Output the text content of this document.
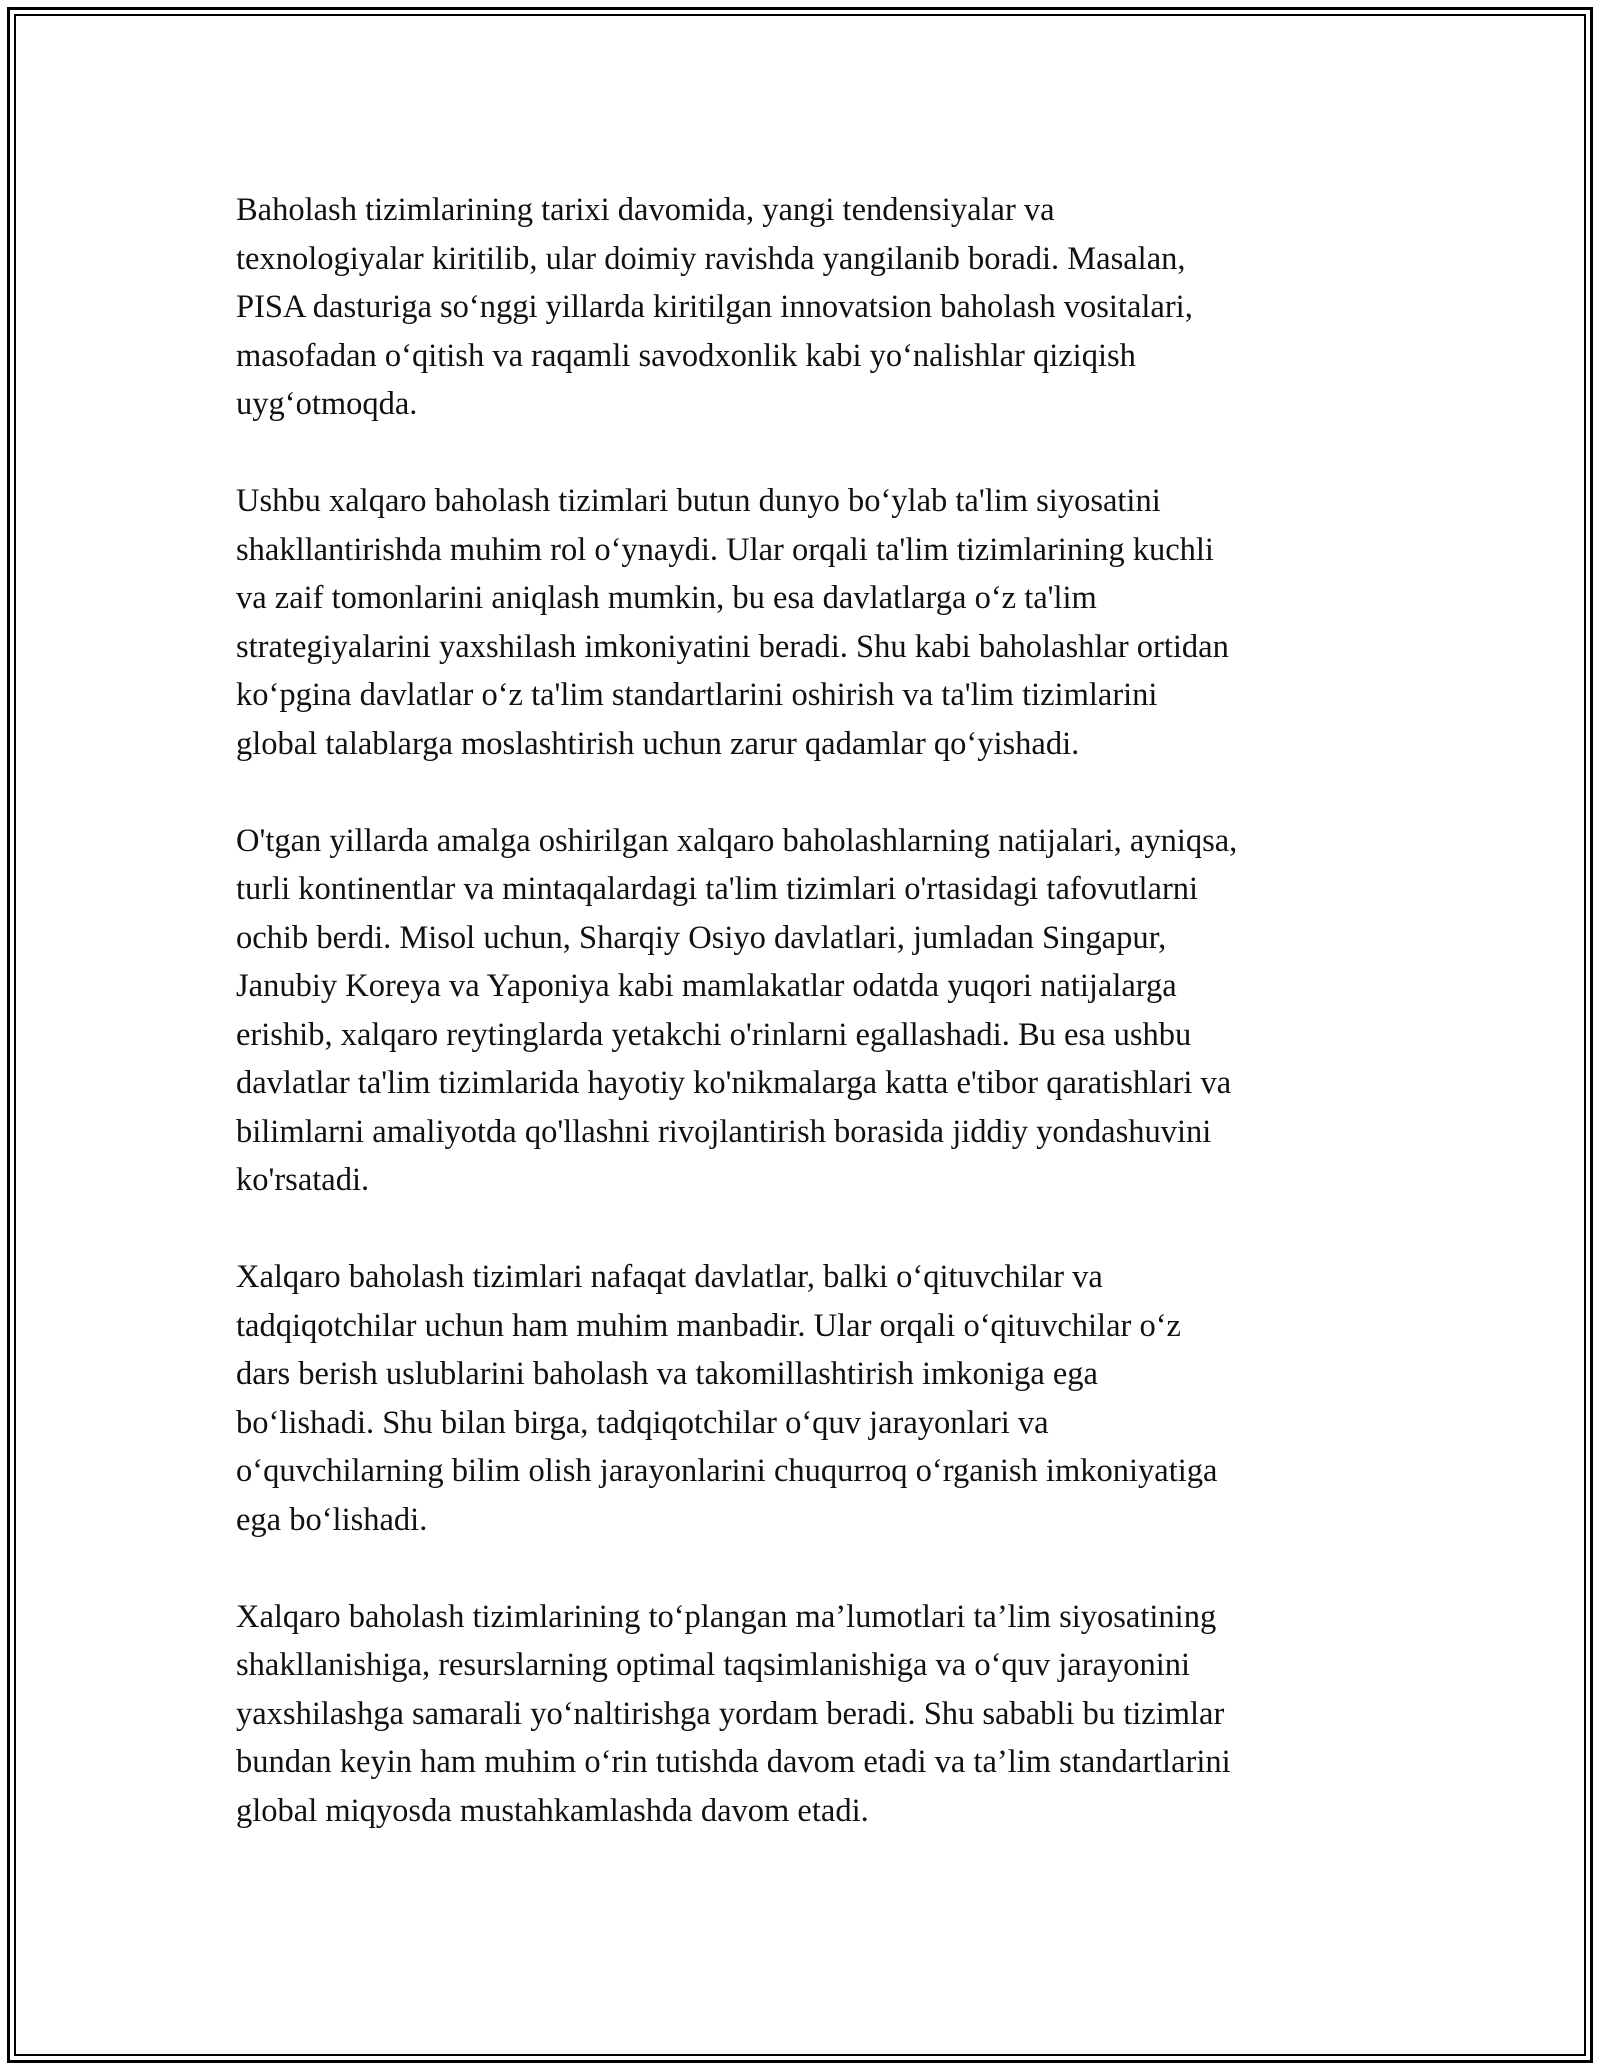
Baholash tizimlarining tarixi davomida, yangi tendensiyalar va
texnologiyalar kiritilib, ular doimiy ravishda yangilanib boradi. Masalan,
PISA dasturiga so‘nggi yillarda kiritilgan innovatsion baholash vositalari,
masofadan o‘qitish va raqamli savodxonlik kabi yo‘nalishlar qiziqish
uyg‘otmoqda.

Ushbu xalqaro baholash tizimlari butun dunyo bo‘ylab ta'lim siyosatini
shakllantirishda muhim rol o‘ynaydi. Ular orqali ta'lim tizimlarining kuchli
va zaif tomonlarini aniqlash mumkin, bu esa davlatlarga o‘z ta'lim
strategiyalarini yaxshilash imkoniyatini beradi. Shu kabi baholashlar ortidan
ko‘pgina davlatlar o‘z ta'lim standartlarini oshirish va ta'lim tizimlarini
global talablarga moslashtirish uchun zarur qadamlar qo‘yishadi.

O'tgan yillarda amalga oshirilgan xalqaro baholashlarning natijalari, ayniqsa,
turli kontinentlar va mintaqalardagi ta'lim tizimlari o'rtasidagi tafovutlarni
ochib berdi. Misol uchun, Sharqiy Osiyo davlatlari, jumladan Singapur,
Janubiy Koreya va Yaponiya kabi mamlakatlar odatda yuqori natijalarga
erishib, xalqaro reytinglarda yetakchi o'rinlarni egallashadi. Bu esa ushbu
davlatlar ta'lim tizimlarida hayotiy ko'nikmalarga katta e'tibor qaratishlari va
bilimlarni amaliyotda qo'llashni rivojlantirish borasida jiddiy yondashuvini
ko'rsatadi.

Xalqaro baholash tizimlari nafaqat davlatlar, balki o‘qituvchilar va
tadqiqotchilar uchun ham muhim manbadir. Ular orqali o‘qituvchilar o‘z
dars berish uslublarini baholash va takomillashtirish imkoniga ega
bo‘lishadi. Shu bilan birga, tadqiqotchilar o‘quv jarayonlari va
o‘quvchilarning bilim olish jarayonlarini chuqurroq o‘rganish imkoniyatiga
ega bo‘lishadi.

Xalqaro baholash tizimlarining to‘plangan ma’lumotlari ta’lim siyosatining
shakllanishiga, resurslarning optimal taqsimlanishiga va o‘quv jarayonini
yaxshilashga samarali yo‘naltirishga yordam beradi. Shu sababli bu tizimlar
bundan keyin ham muhim o‘rin tutishda davom etadi va ta’lim standartlarini
global miqyosda mustahkamlashda davom etadi.
